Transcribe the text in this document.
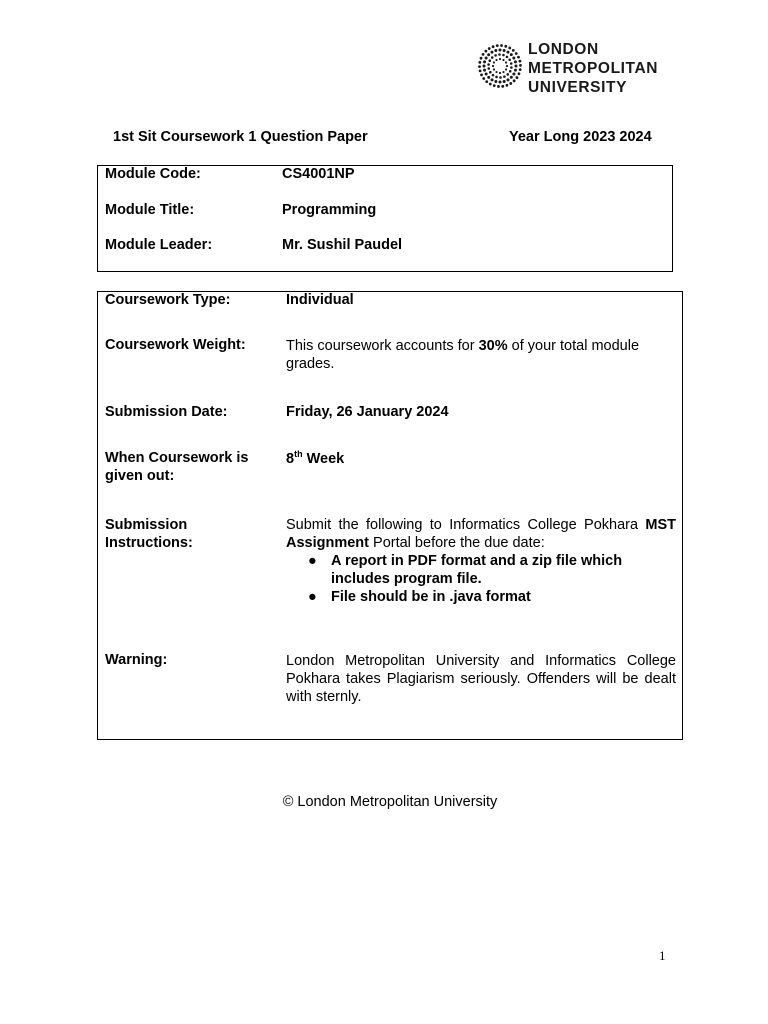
LONDON
METROPOLITAN
UNIVERSITY
1st Sit Coursework 1 Question Paper	Year Long 2023 2024
Module Code:	CS4001NP
Module Title:	Programming
Module Leader:	Mr. Sushil Paudel
Coursework Type:	Individual
Coursework Weight:	This coursework accounts for 30% of your total module grades.
Submission Date:	Friday, 26 January 2024
When Coursework is given out:
8th Week
Submission Instructions:
Submit the following to Informatics College Pokhara MST Assignment Portal before the due date:
● A report in PDF format and a zip file which includes program file.
● File should be in .java format
Warning:	London Metropolitan University and Informatics College Pokhara takes Plagiarism seriously. Offenders will be dealt with sternly.
© London Metropolitan University
1
